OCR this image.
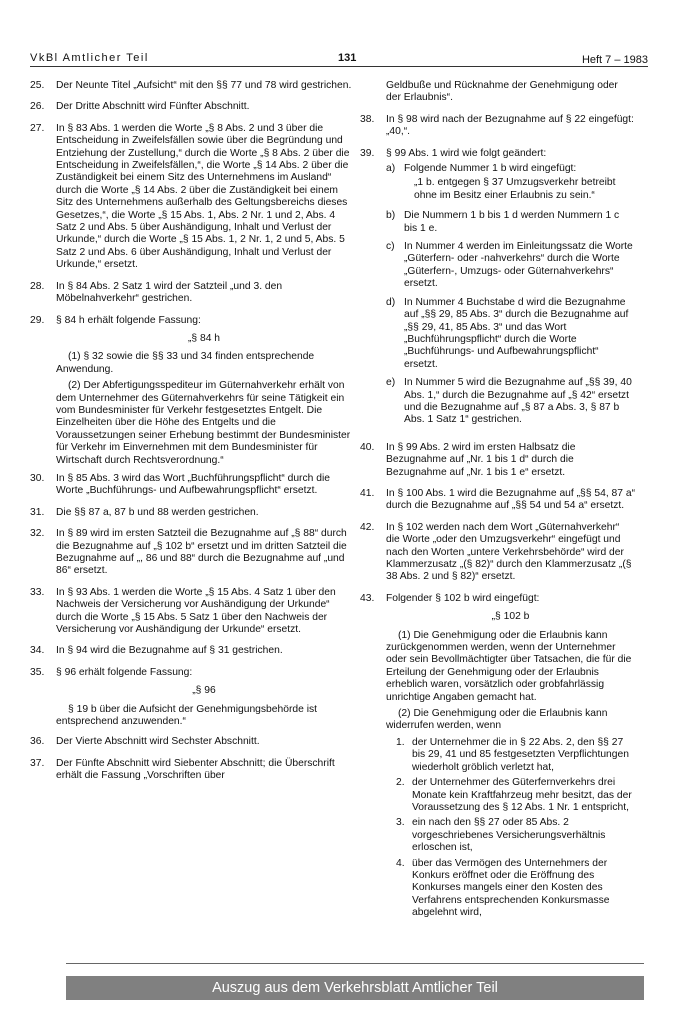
VkBl Amtlicher Teil	131	Heft 7 – 1983
25.	Der Neunte Titel „Aufsicht“ mit den §§ 77 und 78 wird gestrichen.
26.	Der Dritte Abschnitt wird Fünfter Abschnitt.
27.	In § 83 Abs. 1 werden die Worte „§ 8 Abs. 2 und 3 über die Entscheidung in Zweifelsfällen sowie über die Begründung und Entziehung der Zustellung,“ durch die Worte „§ 8 Abs. 2 über die Entscheidung in Zweifelsfällen,“, die Worte „§ 14 Abs. 2 über die Zuständigkeit bei einem Sitz des Unternehmens im Ausland“ durch die Worte „§ 14 Abs. 2 über die Zuständigkeit bei einem Sitz des Unternehmens außerhalb des Geltungsbereichs dieses Gesetzes,“, die Worte „§ 15 Abs. 1, Abs. 2 Nr. 1 und 2, Abs. 4 Satz 2 und Abs. 5 über Aushändigung, Inhalt und Verlust der Urkunde,“ durch die Worte „§ 15 Abs. 1, 2 Nr. 1, 2 und 5, Abs. 5 Satz 2 und Abs. 6 über Aushändigung, Inhalt und Verlust der Urkunde,“ ersetzt.
28.	In § 84 Abs. 2 Satz 1 wird der Satzteil „und 3. den Möbelnahverkehr“ gestrichen.
29.	§ 84 h erhält folgende Fassung:
„§ 84 h
(1) § 32 sowie die §§ 33 und 34 finden entsprechende Anwendung.
(2) Der Abfertigungsspediteur im Güternahverkehr erhält von dem Unternehmer des Güternahverkehrs für seine Tätigkeit ein vom Bundesminister für Verkehr festgesetztes Entgelt. Die Einzelheiten über die Höhe des Entgelts und die Voraussetzungen seiner Erhebung bestimmt der Bundesminister für Verkehr im Einvernehmen mit dem Bundesminister für Wirtschaft durch Rechtsverordnung.“
30.	In § 85 Abs. 3 wird das Wort „Buchführungspflicht“ durch die Worte „Buchführungs- und Aufbewahrungspflicht“ ersetzt.
31.	Die §§ 87 a, 87 b und 88 werden gestrichen.
32.	In § 89 wird im ersten Satzteil die Bezugnahme auf „§ 88“ durch die Bezugnahme auf „§ 102 b“ ersetzt und im dritten Satzteil die Bezugnahme auf „, 86 und 88“ durch die Bezugnahme auf „und 86“ ersetzt.
33.	In § 93 Abs. 1 werden die Worte „§ 15 Abs. 4 Satz 1 über den Nachweis der Versicherung vor Aushändigung der Urkunde“ durch die Worte „§ 15 Abs. 5 Satz 1 über den Nachweis der Versicherung vor Aushändigung der Urkunde“ ersetzt.
34.	In § 94 wird die Bezugnahme auf § 31 gestrichen.
35.	§ 96 erhält folgende Fassung:
„§ 96
§ 19 b über die Aufsicht der Genehmigungsbehörde ist entsprechend anzuwenden.“
36.	Der Vierte Abschnitt wird Sechster Abschnitt.
37.	Der Fünfte Abschnitt wird Siebenter Abschnitt; die Überschrift erhält die Fassung „Vorschriften über
Geldbuße und Rücknahme der Genehmigung oder der Erlaubnis“.
38.	In § 98 wird nach der Bezugnahme auf § 22 eingefügt: „40,“.
39.	§ 99 Abs. 1 wird wie folgt geändert:
a) Folgende Nummer 1 b wird eingefügt:
„1 b. entgegen § 37 Umzugsverkehr betreibt ohne im Besitz einer Erlaubnis zu sein.“
b) Die Nummern 1 b bis 1 d werden Nummern 1 c bis 1 e.
c) In Nummer 4 werden im Einleitungssatz die Worte „Güterfern- oder -nahverkehrs“ durch die Worte „Güterfern-, Umzugs- oder Güternahverkehrs“ ersetzt.
d) In Nummer 4 Buchstabe d wird die Bezugnahme auf „§§ 29, 85 Abs. 3“ durch die Bezugnahme auf „§§ 29, 41, 85 Abs. 3“ und das Wort „Buchführungspflicht“ durch die Worte „Buchführungs- und Aufbewahrungspflicht“ ersetzt.
e) In Nummer 5 wird die Bezugnahme auf „§§ 39, 40 Abs. 1,“ durch die Bezugnahme auf „§ 42“ ersetzt und die Bezugnahme auf „§ 87 a Abs. 3, § 87 b Abs. 1 Satz 1“ gestrichen.
40.	In § 99 Abs. 2 wird im ersten Halbsatz die Bezugnahme auf „Nr. 1 bis 1 d“ durch die Bezugnahme auf „Nr. 1 bis 1 e“ ersetzt.
41.	In § 100 Abs. 1 wird die Bezugnahme auf „§§ 54, 87 a“ durch die Bezugnahme auf „§§ 54 und 54 a“ ersetzt.
42.	In § 102 werden nach dem Wort „Güternahverkehr“ die Worte „oder den Umzugsverkehr“ eingefügt und nach den Worten „untere Verkehrsbehörde“ wird der Klammerzusatz „(§ 82)“ durch den Klammerzusatz „(§ 38 Abs. 2 und § 82)“ ersetzt.
43.	Folgender § 102 b wird eingefügt:
„§ 102 b
(1) Die Genehmigung oder die Erlaubnis kann zurückgenommen werden, wenn der Unternehmer oder sein Bevollmächtigter über Tatsachen, die für die Erteilung der Genehmigung oder der Erlaubnis erheblich waren, vorsätzlich oder grobfahrlässig unrichtige Angaben gemacht hat.
(2) Die Genehmigung oder die Erlaubnis kann widerrufen werden, wenn
1. der Unternehmer die in § 22 Abs. 2, den §§ 27 bis 29, 41 und 85 festgesetzten Verpflichtungen wiederholt gröblich verletzt hat,
2. der Unternehmer des Güterfernverkehrs drei Monate kein Kraftfahrzeug mehr besitzt, das der Voraussetzung des § 12 Abs. 1 Nr. 1 entspricht,
3. ein nach den §§ 27 oder 85 Abs. 2 vorgeschriebenes Versicherungsverhältnis erloschen ist,
4. über das Vermögen des Unternehmers der Konkurs eröffnet oder die Eröffnung des Konkurses mangels einer den Kosten des Verfahrens entsprechenden Konkursmasse abgelehnt wird,
Auszug aus dem Verkehrsblatt Amtlicher Teil
